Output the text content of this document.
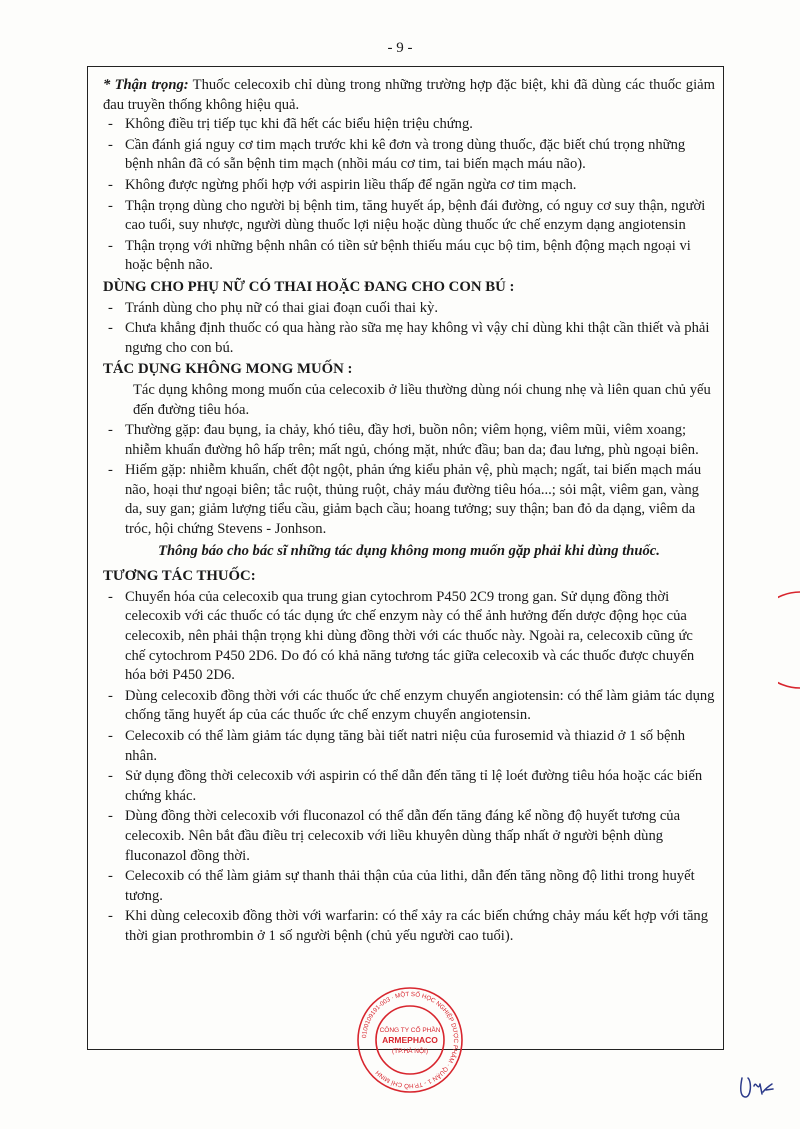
- 9 -

* Thận trọng: Thuốc celecoxib chỉ dùng trong những trường hợp đặc biệt, khi đã dùng các thuốc giảm đau truyền thống không hiệu quả.

- Không điều trị tiếp tục khi đã hết các biểu hiện triệu chứng.

- Cần đánh giá nguy cơ tim mạch trước khi kê đơn và trong dùng thuốc, đặc biết chú trọng những bệnh nhân đã có sẵn bệnh tim mạch (nhồi máu cơ tim, tai biến mạch máu não).

- Không được ngừng phối hợp với aspirin liều thấp để ngăn ngừa cơ tim mạch.

- Thận trọng dùng cho người bị bệnh tim, tăng huyết áp, bệnh đái đường, có nguy cơ suy thận, người cao tuổi, suy nhược, người dùng thuốc lợi niệu hoặc dùng thuốc ức chế enzym dạng angiotensin

- Thận trọng với những bệnh nhân có tiền sử bệnh thiếu máu cục bộ tim, bệnh động mạch ngoại vi hoặc bệnh não.

DÙNG CHO PHỤ NỮ CÓ THAI HOẶC ĐANG CHO CON BÚ :

- Tránh dùng cho phụ nữ có thai giai đoạn cuối thai kỳ.

- Chưa khẳng định thuốc có qua hàng rào sữa mẹ hay không vì vậy chỉ dùng khi thật cần thiết và phải ngưng cho con bú.

TÁC DỤNG KHÔNG MONG MUỐN :

Tác dụng không mong muốn của celecoxib ở liều thường dùng nói chung nhẹ và liên quan chủ yếu đến đường tiêu hóa.

- Thường gặp: đau bụng, ỉa chảy, khó tiêu, đầy hơi, buồn nôn; viêm họng, viêm mũi, viêm xoang; nhiễm khuẩn đường hô hấp trên; mất ngủ, chóng mặt, nhức đầu; ban da; đau lưng, phù ngoại biên.

- Hiếm gặp: nhiễm khuẩn, chết đột ngột, phản ứng kiểu phản vệ, phù mạch; ngất, tai biến mạch máu não, hoại thư ngoại biên; tắc ruột, thủng ruột, chảy máu đường tiêu hóa...; sỏi mật, viêm gan, vàng da, suy gan; giảm lượng tiểu cầu, giảm bạch cầu; hoang tưởng; suy thận; ban đỏ da dạng, viêm da tróc, hội chứng Stevens - Jonhson.

Thông báo cho bác sĩ những tác dụng không mong muốn gặp phải khi dùng thuốc.

TƯƠNG TÁC THUỐC:

- Chuyển hóa của celecoxib qua trung gian cytochrom P450 2C9 trong gan. Sử dụng đồng thời celecoxib với các thuốc có tác dụng ức chế enzym này có thể ảnh hưởng đến dược động học của celecoxib, nên phải thận trọng khi dùng đồng thời với các thuốc này. Ngoài ra, celecoxib cũng ức chế cytochrom P450 2D6. Do đó có khả năng tương tác giữa celecoxib và các thuốc được chuyển hóa bởi P450 2D6.

- Dùng celecoxib đồng thời với các thuốc ức chế enzym chuyển angiotensin: có thể làm giảm tác dụng chống tăng huyết áp của các thuốc ức chế enzym chuyển angiotensin.

- Celecoxib có thể làm giảm tác dụng tăng bài tiết natri niệu của furosemid và thiazid ở 1 số bệnh nhân.

- Sử dụng đồng thời celecoxib với aspirin có thể dẫn đến tăng tỉ lệ loét đường tiêu hóa hoặc các biến chứng khác.

- Dùng đồng thời celecoxib với fluconazol có thể dẫn đến tăng đáng kể nồng độ huyết tương của celecoxib. Nên bắt đầu điều trị celecoxib với liều khuyên dùng thấp nhất ở người bệnh dùng fluconazol đồng thời.

- Celecoxib có thể làm giảm sự thanh thải thận của của lithi, dẫn đến tăng nồng độ lithi trong huyết tương.

- Khi dùng celecoxib đồng thời với warfarin: có thể xảy ra các biến chứng chảy máu kết hợp với tăng thời gian prothrombin ở 1 số người bệnh (chủ yếu người cao tuổi).

CÔNG TY CỔ PHẦN
ARMEPHACO
(TP.HÀ NỘI)
0100109191-003 · MỘT SỐ HỌC NGHIỆP DƯỢC PHẨM · QUẬN 1 - TP.HỒ CHÍ MINH
